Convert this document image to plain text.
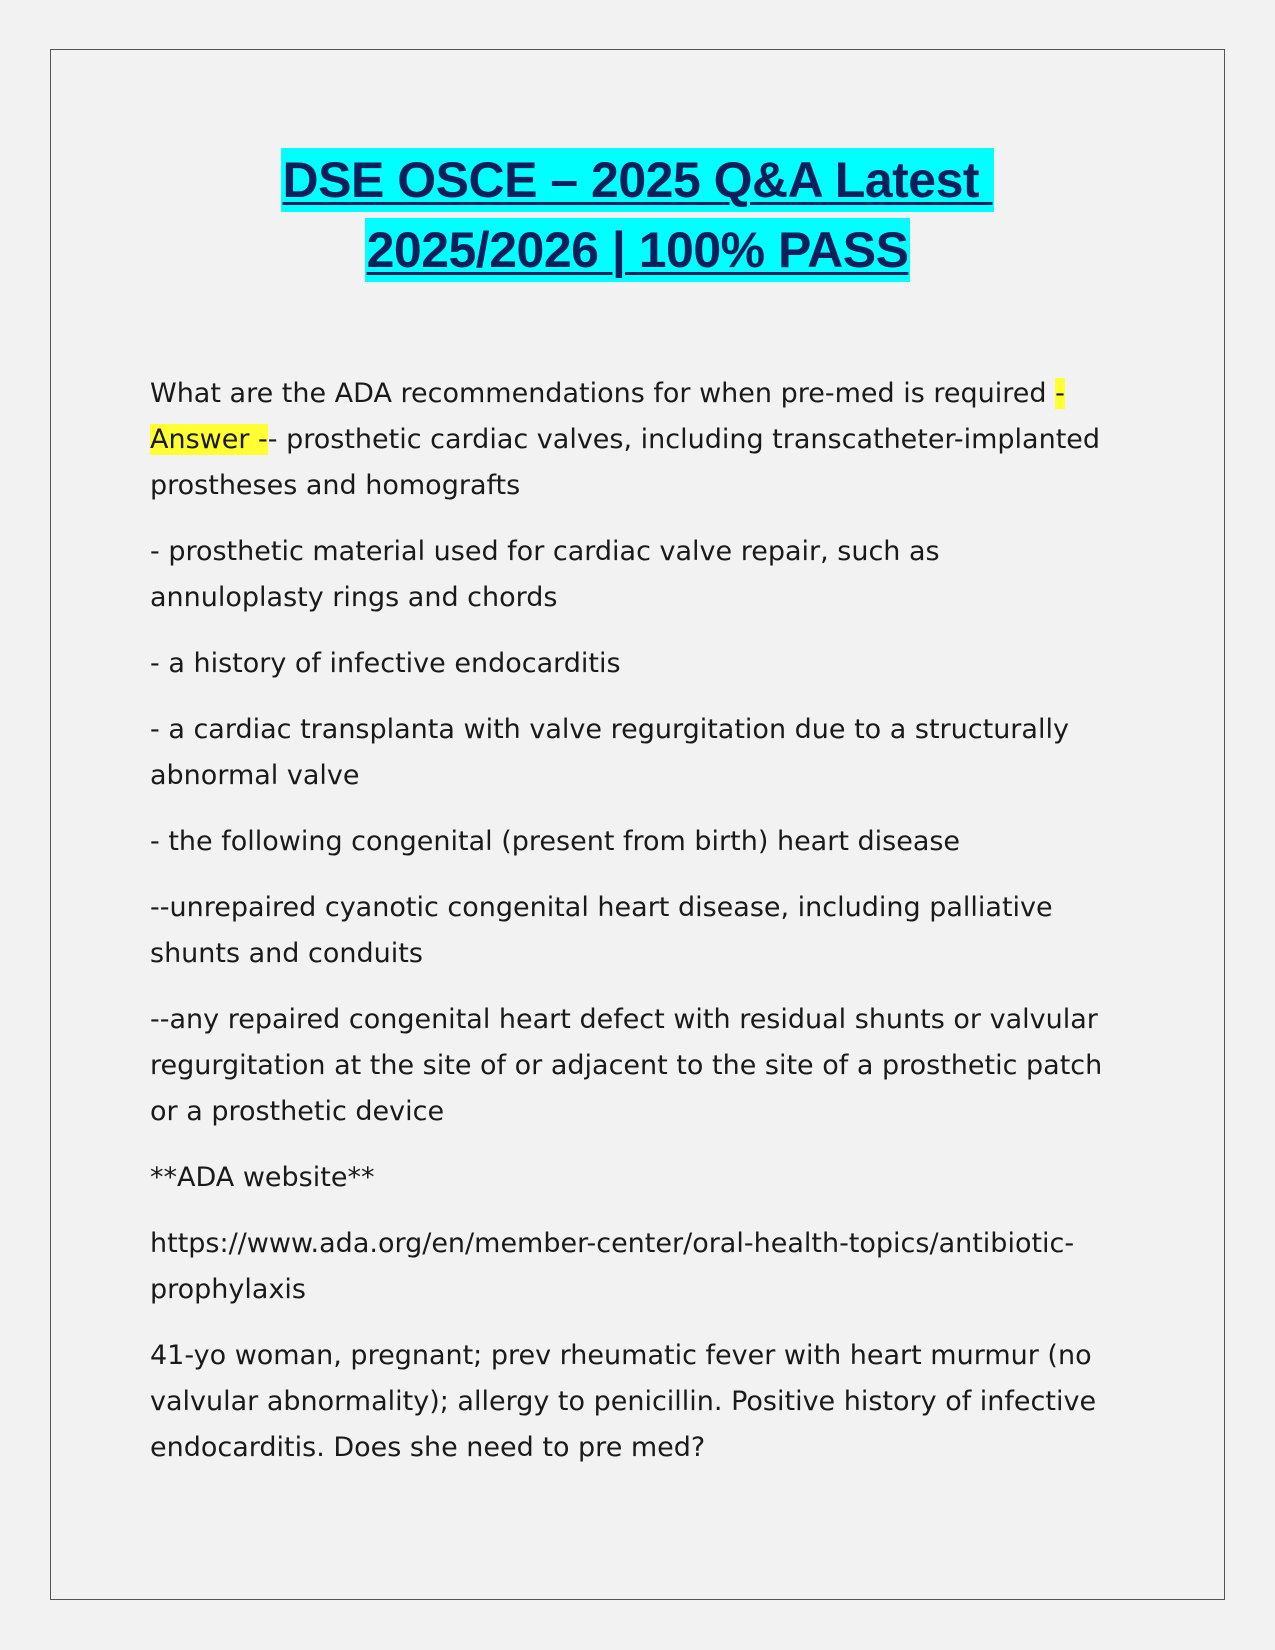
DSE OSCE – 2025 Q&A Latest
2025/2026 | 100% PASS

What are the ADA recommendations for when pre-med is required - Answer -- prosthetic cardiac valves, including transcatheter-implanted prostheses and homografts

- prosthetic material used for cardiac valve repair, such as annuloplasty rings and chords

- a history of infective endocarditis

- a cardiac transplanta with valve regurgitation due to a structurally abnormal valve

- the following congenital (present from birth) heart disease

--unrepaired cyanotic congenital heart disease, including palliative shunts and conduits

--any repaired congenital heart defect with residual shunts or valvular regurgitation at the site of or adjacent to the site of a prosthetic patch or a prosthetic device

**ADA website**

https://www.ada.org/en/member-center/oral-health-topics/antibiotic-prophylaxis

41-yo woman, pregnant; prev rheumatic fever with heart murmur (no valvular abnormality); allergy to penicillin. Positive history of infective endocarditis. Does she need to pre med?
